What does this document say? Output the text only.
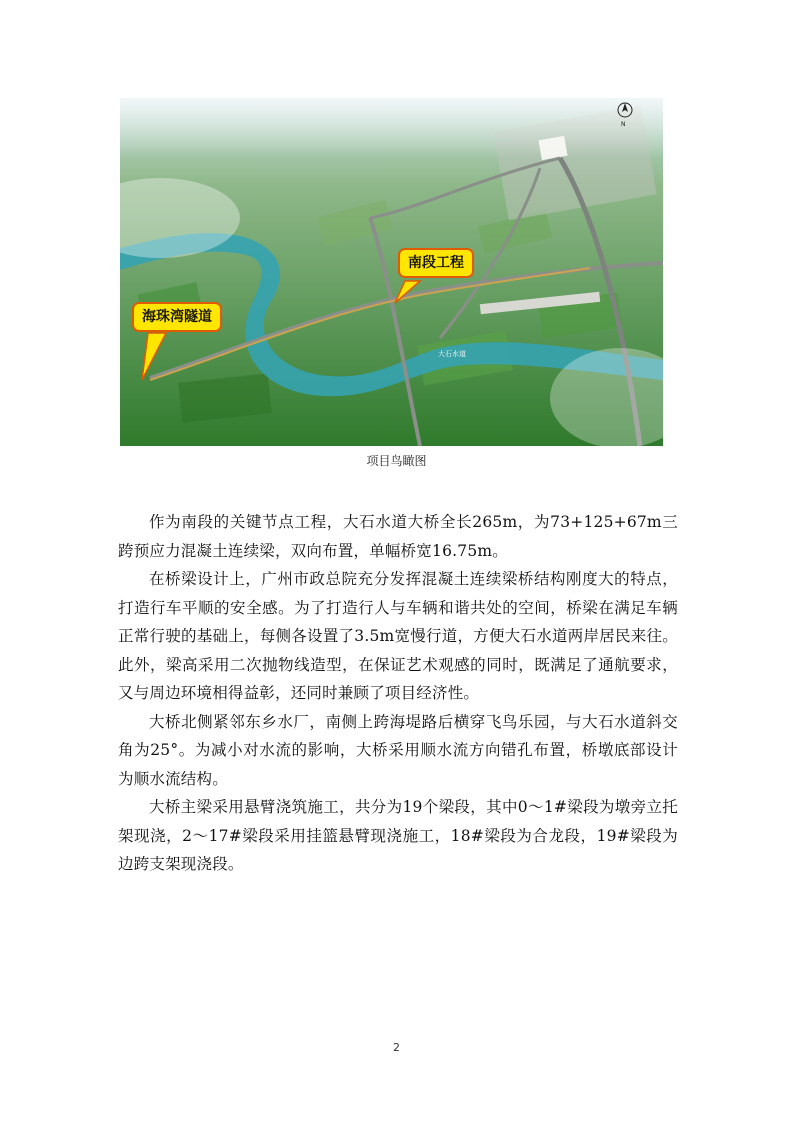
大石水道
N
南段工程
海珠湾隧道
项目鸟瞰图

作为南段的关键节点工程，大石水道大桥全长265m，为73+125+67m三跨预应力混凝土连续梁，双向布置，单幅桥宽16.75m。

在桥梁设计上，广州市政总院充分发挥混凝土连续梁桥结构刚度大的特点，打造行车平顺的安全感。为了打造行人与车辆和谐共处的空间，桥梁在满足车辆正常行驶的基础上，每侧各设置了3.5m宽慢行道，方便大石水道两岸居民来往。此外，梁高采用二次抛物线造型，在保证艺术观感的同时，既满足了通航要求，又与周边环境相得益彰，还同时兼顾了项目经济性。

大桥北侧紧邻东乡水厂，南侧上跨海堤路后横穿飞鸟乐园，与大石水道斜交角为25°。为减小对水流的影响，大桥采用顺水流方向错孔布置，桥墩底部设计为顺水流结构。

大桥主梁采用悬臂浇筑施工，共分为19个梁段，其中0～1#梁段为墩旁立托架现浇，2～17#梁段采用挂篮悬臂现浇施工，18#梁段为合龙段，19#梁段为边跨支架现浇段。

2
